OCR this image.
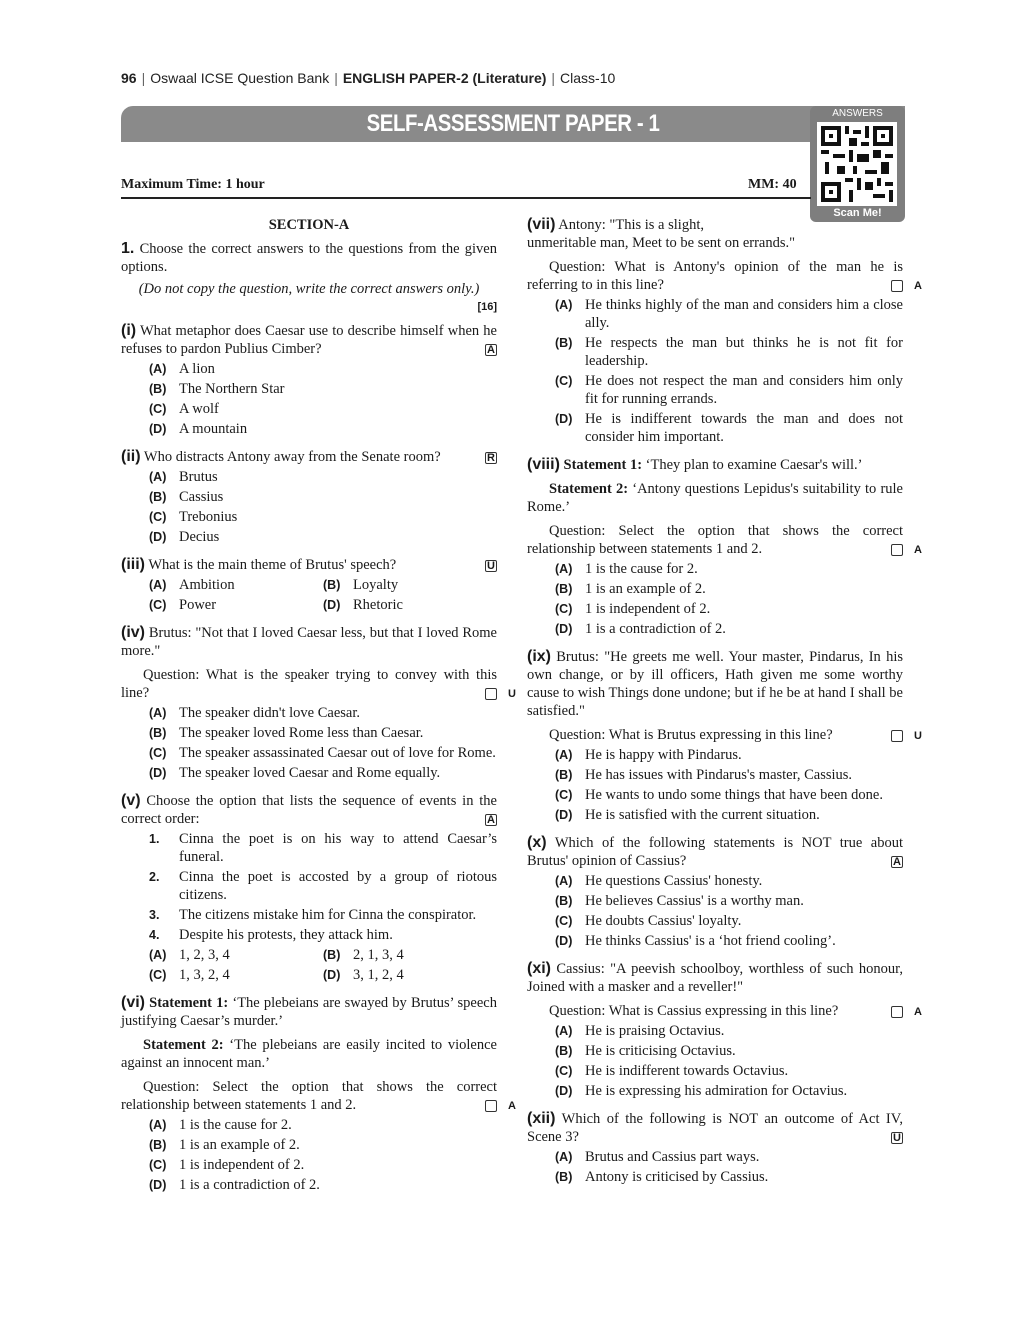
96 | Oswaal ICSE Question Bank | ENGLISH PAPER-2 (Literature) | Class-10
SELF-ASSESSMENT PAPER - 1	ANSWERS
Scan Me!
Maximum Time: 1 hour	MM: 40

SECTION-A

1. Choose the correct answers to the questions from the given options.

(Do not copy the question, write the correct answers only.)

[16]

(i) What metaphor does Caesar use to describe himself when he refuses to pardon Publius Cimber?	A

(A) A lion
(B) The Northern Star
(C) A wolf
(D) A mountain

(ii) Who distracts Antony away from the Senate room?	R

(A) Brutus
(B) Cassius
(C) Trebonius
(D) Decius

(iii) What is the main theme of Brutus' speech?	U

(A) Ambition	(B) Loyalty
(C) Power	(D) Rhetoric

(iv) Brutus: "Not that I loved Caesar less, but that I loved Rome more."

Question: What is the speaker trying to convey with this line?	U

(A) The speaker didn't love Caesar.
(B) The speaker loved Rome less than Caesar.
(C) The speaker assassinated Caesar out of love for Rome.
(D) The speaker loved Caesar and Rome equally.

(v) Choose the option that lists the sequence of events in the correct order:	A

1.	Cinna the poet is on his way to attend Caesar’s funeral.
2.	Cinna the poet is accosted by a group of riotous citizens.
3.	The citizens mistake him for Cinna the conspirator.
4.	Despite his protests, they attack him.
(A) 1, 2, 3, 4	(B) 2, 1, 3, 4
(C) 1, 3, 2, 4	(D) 3, 1, 2, 4

(vi) Statement 1: ‘The plebeians are swayed by Brutus’ speech justifying Caesar’s murder.’

Statement 2: ‘The plebeians are easily incited to violence against an innocent man.’

Question: Select the option that shows the correct relationship between statements 1 and 2.	A

(A) 1 is the cause for 2.
(B) 1 is an example of 2.
(C) 1 is independent of 2.
(D) 1 is a contradiction of 2.

(vii) Antony: "This is a slight,
unmeritable man, Meet to be sent on errands."

Question: What is Antony's opinion of the man he is referring to in this line?	A

(A) He thinks highly of the man and considers him a close ally.
(B) He respects the man but thinks he is not fit for leadership.
(C) He does not respect the man and considers him only fit for running errands.
(D) He is indifferent towards the man and does not consider him important.

(viii) Statement 1: ‘They plan to examine Caesar's will.’

Statement 2: ‘Antony questions Lepidus's suitability to rule Rome.’

Question: Select the option that shows the correct relationship between statements 1 and 2.	A

(A) 1 is the cause for 2.
(B) 1 is an example of 2.
(C) 1 is independent of 2.
(D) 1 is a contradiction of 2.

(ix) Brutus: "He greets me well. Your master, Pindarus, In his own change, or by ill officers, Hath given me some worthy cause to wish Things done undone; but if he be at hand I shall be satisfied."

Question: What is Brutus expressing in this line?	U

(A) He is happy with Pindarus.
(B) He has issues with Pindarus's master, Cassius.
(C) He wants to undo some things that have been done.
(D) He is satisfied with the current situation.

(x) Which of the following statements is NOT true about Brutus' opinion of Cassius?	A

(A) He questions Cassius' honesty.
(B) He believes Cassius' is a worthy man.
(C) He doubts Cassius' loyalty.
(D) He thinks Cassius' is a ‘hot friend cooling’.

(xi) Cassius: "A peevish schoolboy, worthless of such honour, Joined with a masker and a reveller!"

Question: What is Cassius expressing in this line?	A

(A) He is praising Octavius.
(B) He is criticising Octavius.
(C) He is indifferent towards Octavius.
(D) He is expressing his admiration for Octavius.

(xii) Which of the following is NOT an outcome of Act IV, Scene 3?	U

(A) Brutus and Cassius part ways.
(B) Antony is criticised by Cassius.
